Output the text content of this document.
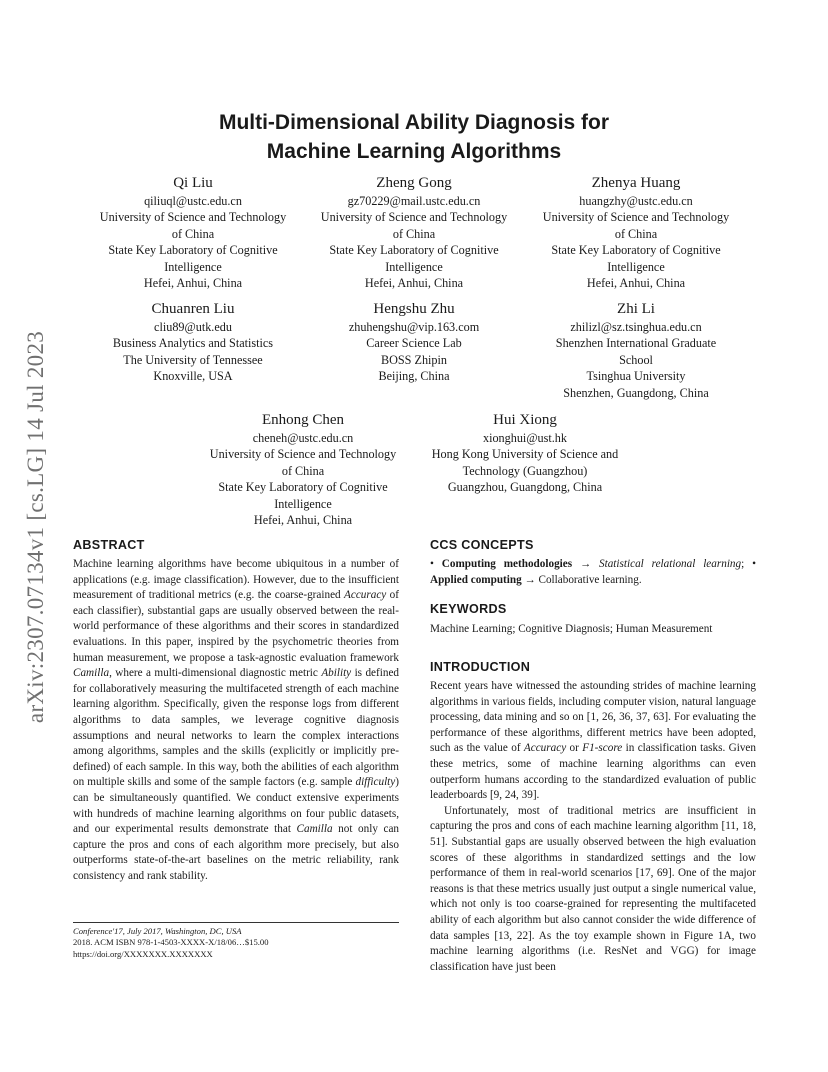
arXiv:2307.07134v1 [cs.LG] 14 Jul 2023
Multi-Dimensional Ability Diagnosis for
Machine Learning Algorithms
Qi Liu
qiliuql@ustc.edu.cn
University of Science and Technology
of China
State Key Laboratory of Cognitive
Intelligence
Hefei, Anhui, China
Zheng Gong
gz70229@mail.ustc.edu.cn
University of Science and Technology
of China
State Key Laboratory of Cognitive
Intelligence
Hefei, Anhui, China
Zhenya Huang
huangzhy@ustc.edu.cn
University of Science and Technology
of China
State Key Laboratory of Cognitive
Intelligence
Hefei, Anhui, China
Chuanren Liu
cliu89@utk.edu
Business Analytics and Statistics
The University of Tennessee
Knoxville, USA
Hengshu Zhu
zhuhengshu@vip.163.com
Career Science Lab
BOSS Zhipin
Beijing, China
Zhi Li
zhilizl@sz.tsinghua.edu.cn
Shenzhen International Graduate
School
Tsinghua University
Shenzhen, Guangdong, China
Enhong Chen
cheneh@ustc.edu.cn
University of Science and Technology
of China
State Key Laboratory of Cognitive
Intelligence
Hefei, Anhui, China
Hui Xiong
xionghui@ust.hk
Hong Kong University of Science and
Technology (Guangzhou)
Guangzhou, Guangdong, China
ABSTRACT

Machine learning algorithms have become ubiquitous in a number of applications (e.g. image classification). However, due to the insufficient measurement of traditional metrics (e.g. the coarse-grained Accuracy of each classifier), substantial gaps are usually observed between the real-world performance of these algorithms and their scores in standardized evaluations. In this paper, inspired by the psychometric theories from human measurement, we propose a task-agnostic evaluation framework Camilla, where a multi-dimensional diagnostic metric Ability is defined for collaboratively measuring the multifaceted strength of each machine learning algorithm. Specifically, given the response logs from different algorithms to data samples, we leverage cognitive diagnosis assumptions and neural networks to learn the complex interactions among algorithms, samples and the skills (explicitly or implicitly pre-defined) of each sample. In this way, both the abilities of each algorithm on multiple skills and some of the sample factors (e.g. sample difficulty) can be simultaneously quantified. We conduct extensive experiments with hundreds of machine learning algorithms on four public datasets, and our experimental results demonstrate that Camilla not only can capture the pros and cons of each algorithm more precisely, but also outperforms state-of-the-art baselines on the metric reliability, rank consistency and rank stability.

Conference'17, July 2017, Washington, DC, USA
2018. ACM ISBN 978-1-4503-XXXX-X/18/06…$15.00
https://doi.org/XXXXXXX.XXXXXXX
CCS CONCEPTS

• Computing methodologies → Statistical relational learning; • Applied computing → Collaborative learning.

KEYWORDS

Machine Learning; Cognitive Diagnosis; Human Measurement

INTRODUCTION

Recent years have witnessed the astounding strides of machine learning algorithms in various fields, including computer vision, natural language processing, data mining and so on [1, 26, 36, 37, 63]. For evaluating the performance of these algorithms, different metrics have been adopted, such as the value of Accuracy or F1-score in classification tasks. Given these metrics, some of machine learning algorithms can even outperform humans according to the standardized evaluation of public leaderboards [9, 24, 39].

Unfortunately, most of traditional metrics are insufficient in capturing the pros and cons of each machine learning algorithm [11, 18, 51]. Substantial gaps are usually observed between the high evaluation scores of these algorithms in standardized settings and the low performance of them in real-world scenarios [17, 69]. One of the major reasons is that these metrics usually just output a single numerical value, which not only is too coarse-grained for representing the multifaceted ability of each algorithm but also cannot consider the wide difference of data samples [13, 22]. As the toy example shown in Figure 1A, two machine learning algorithms (i.e. ResNet and VGG) for image classification have just been
